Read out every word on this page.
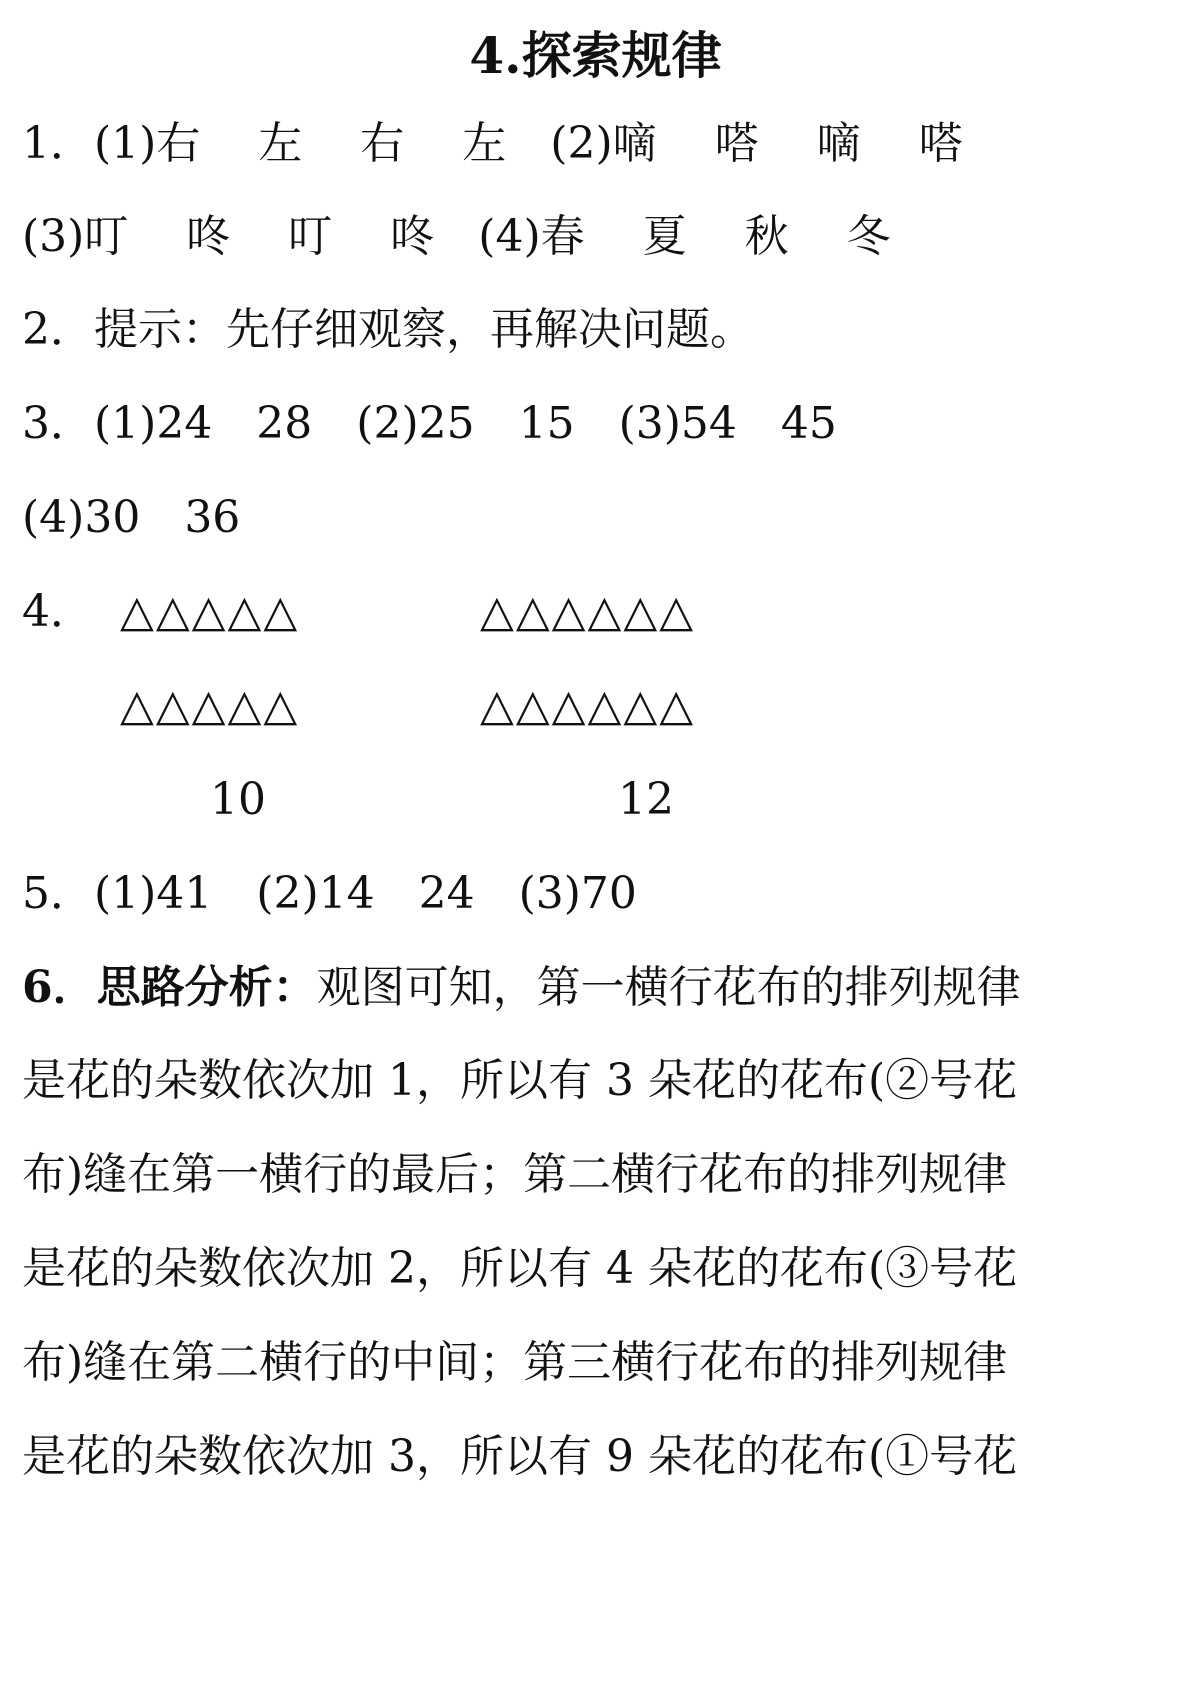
4.探索规律
1．(1)右　 左　 右　 左　(2)嘀　 嗒　 嘀　 嗒
(3)叮　 咚　 叮　 咚　(4)春　 夏　 秋　 冬
2．提示：先仔细观察，再解决问题。
3．(1)24　28　(2)25　15　(3)54　45
(4)30　36
4． △△△△△	△△△△△△
△△△△△	△△△△△△
10	12
5．(1)41　(2)14　24　(3)70
6．思路分析：观图可知，第一横行花布的排列规律
是花的朵数依次加 1，所以有 3 朵花的花布(②号花
布)缝在第一横行的最后；第二横行花布的排列规律
是花的朵数依次加 2，所以有 4 朵花的花布(③号花
布)缝在第二横行的中间；第三横行花布的排列规律
是花的朵数依次加 3，所以有 9 朵花的花布(①号花
